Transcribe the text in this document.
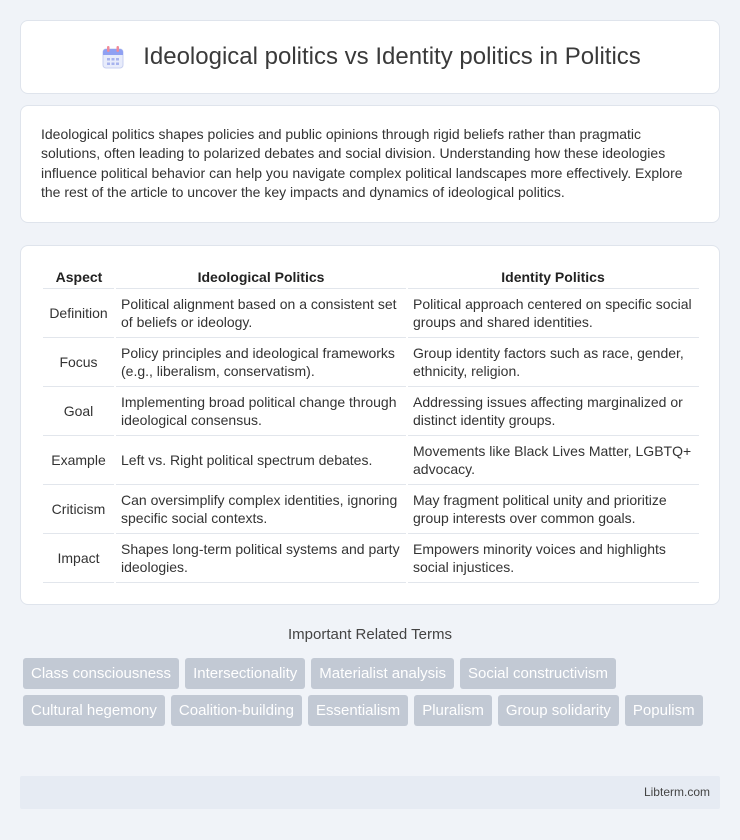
Ideological politics vs Identity politics in Politics

Ideological politics shapes policies and public opinions through rigid beliefs rather than pragmatic solutions, often leading to polarized debates and social division. Understanding how these ideologies influence political behavior can help you navigate complex political landscapes more effectively. Explore the rest of the article to uncover the key impacts and dynamics of ideological politics.

Aspect	Ideological Politics	Identity Politics
Definition	Political alignment based on a consistent set of beliefs or ideology.	Political approach centered on specific social groups and shared identities.
Focus	Policy principles and ideological frameworks (e.g., liberalism, conservatism).	Group identity factors such as race, gender, ethnicity, religion.
Goal	Implementing broad political change through ideological consensus.	Addressing issues affecting marginalized or distinct identity groups.
Example	Left vs. Right political spectrum debates.	Movements like Black Lives Matter, LGBTQ+ advocacy.
Criticism	Can oversimplify complex identities, ignoring specific social contexts.	May fragment political unity and prioritize group interests over common goals.
Impact	Shapes long-term political systems and party ideologies.	Empowers minority voices and highlights social injustices.
Important Related Terms
Class consciousness	Intersectionality	Materialist analysis	Social constructivism
Cultural hegemony	Coalition-building	Essentialism	Pluralism	Group solidarity	Populism
Libterm.com
